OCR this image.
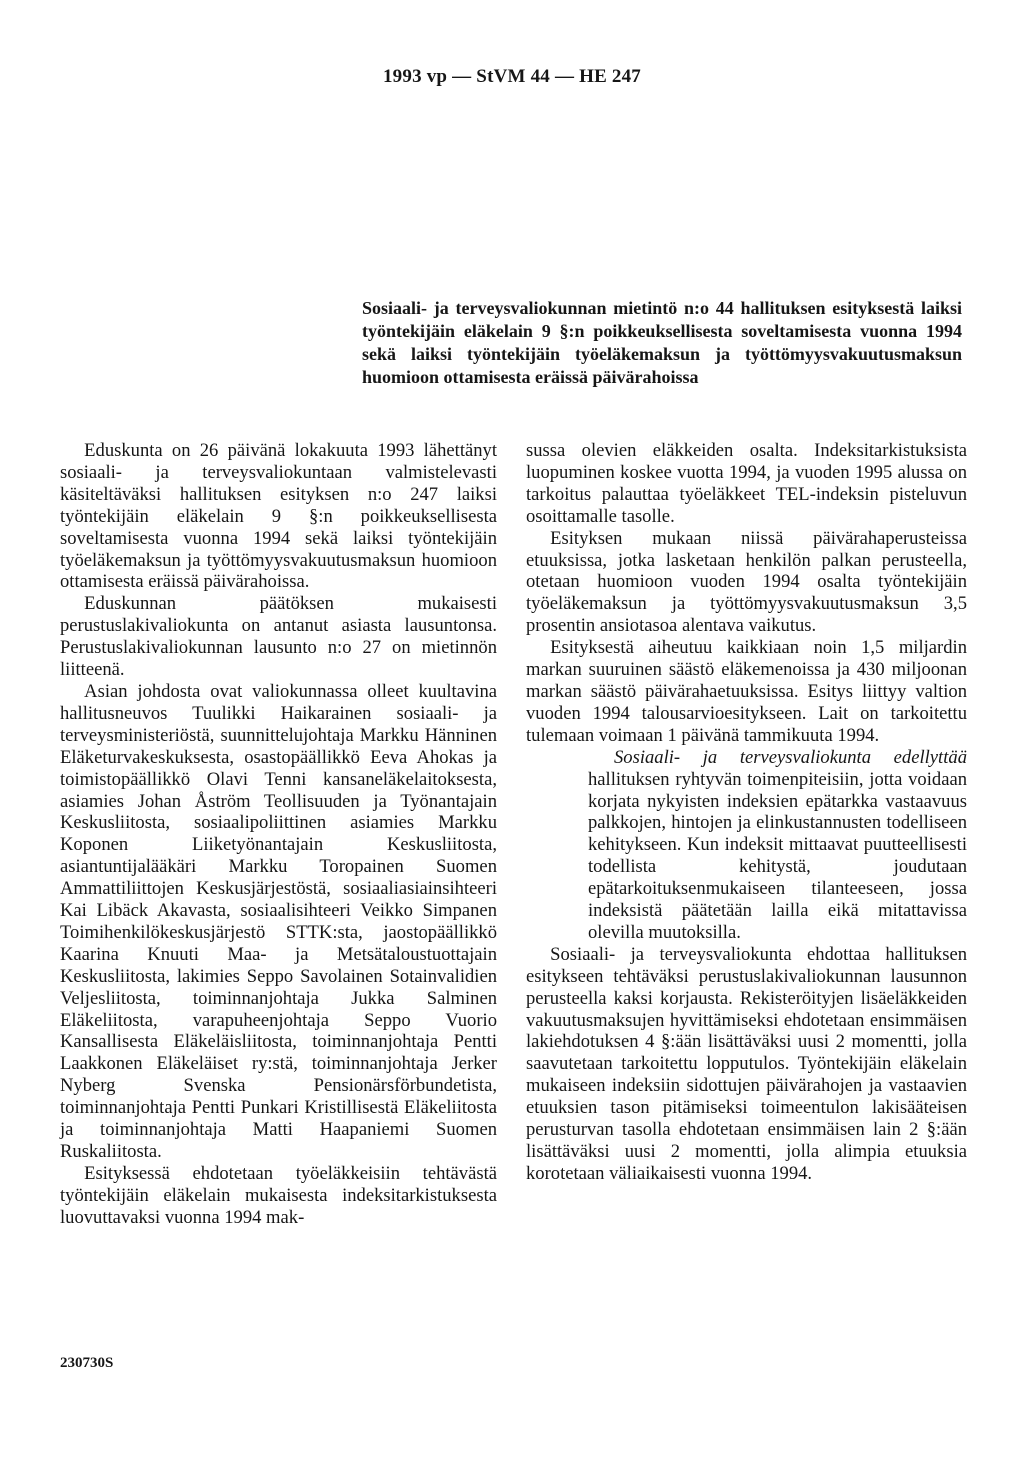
1993 vp — StVM 44 — HE 247
Sosiaali- ja terveysvaliokunnan mietintö n:o 44 hallituksen esityksestä laiksi työntekijäin eläkelain 9 §:n poikkeuksellisesta soveltamisesta vuonna 1994 sekä laiksi työntekijäin työeläkemaksun ja työttömyysvakuutusmaksun huomioon ottamisesta eräissä päivärahoissa

Eduskunta on 26 päivänä lokakuuta 1993 lähettänyt sosiaali- ja terveysvaliokuntaan valmistelevasti käsiteltäväksi hallituksen esityksen n:o 247 laiksi työntekijäin eläkelain 9 §:n poikkeuksellisesta soveltamisesta vuonna 1994 sekä laiksi työntekijäin työeläkemaksun ja työttömyysvakuutusmaksun huomioon ottamisesta eräissä päivärahoissa.

Eduskunnan päätöksen mukaisesti perustuslakivaliokunta on antanut asiasta lausuntonsa. Perustuslakivaliokunnan lausunto n:o 27 on mietinnön liitteenä.

Asian johdosta ovat valiokunnassa olleet kuultavina hallitusneuvos Tuulikki Haikarainen sosiaali- ja terveysministeriöstä, suunnittelujohtaja Markku Hänninen Eläketurvakeskuksesta, osastopäällikkö Eeva Ahokas ja toimistopäällikkö Olavi Tenni kansaneläkelaitoksesta, asiamies Johan Åström Teollisuuden ja Työnantajain Keskusliitosta, sosiaalipoliittinen asiamies Markku Koponen Liiketyönantajain Keskusliitosta, asiantuntijalääkäri Markku Toropainen Suomen Ammattiliittojen Keskusjärjestöstä, sosiaaliasiainsihteeri Kai Libäck Akavasta, sosiaalisihteeri Veikko Simpanen Toimihenkilökeskusjärjestö STTK:sta, jaostopäällikkö Kaarina Knuuti Maa- ja Metsätaloustuottajain Keskusliitosta, lakimies Seppo Savolainen Sotainvalidien Veljesliitosta, toiminnanjohtaja Jukka Salminen Eläkeliitosta, varapuheenjohtaja Seppo Vuorio Kansallisesta Eläkeläisliitosta, toiminnanjohtaja Pentti Laakkonen Eläkeläiset ry:stä, toiminnanjohtaja Jerker Nyberg Svenska Pensionärsförbundetista, toiminnanjohtaja Pentti Punkari Kristillisestä Eläkeliitosta ja toiminnanjohtaja Matti Haapaniemi Suomen Ruskaliitosta.

Esityksessä ehdotetaan työeläkkeisiin tehtävästä työntekijäin eläkelain mukaisesta indeksitarkistuksesta luovuttavaksi vuonna 1994 mak-

sussa olevien eläkkeiden osalta. Indeksitarkistuksista luopuminen koskee vuotta 1994, ja vuoden 1995 alussa on tarkoitus palauttaa työeläkkeet TEL-indeksin pisteluvun osoittamalle tasolle.

Esityksen mukaan niissä päivärahaperusteissa etuuksissa, jotka lasketaan henkilön palkan perusteella, otetaan huomioon vuoden 1994 osalta työntekijäin työeläkemaksun ja työttömyysvakuutusmaksun 3,5 prosentin ansiotasoa alentava vaikutus.

Esityksestä aiheutuu kaikkiaan noin 1,5 miljardin markan suuruinen säästö eläkemenoissa ja 430 miljoonan markan säästö päivärahaetuuksissa. Esitys liittyy valtion vuoden 1994 talousarvioesitykseen. Lait on tarkoitettu tulemaan voimaan 1 päivänä tammikuuta 1994.

Sosiaali- ja terveysvaliokunta edellyttää hallituksen ryhtyvän toimenpiteisiin, jotta voidaan korjata nykyisten indeksien epätarkka vastaavuus palkkojen, hintojen ja elinkustannusten todelliseen kehitykseen. Kun indeksit mittaavat puutteellisesti todellista kehitystä, joudutaan epätarkoituksenmukaiseen tilanteeseen, jossa indeksistä päätetään lailla eikä mitattavissa olevilla muutoksilla.

Sosiaali- ja terveysvaliokunta ehdottaa hallituksen esitykseen tehtäväksi perustuslakivaliokunnan lausunnon perusteella kaksi korjausta. Rekisteröityjen lisäeläkkeiden vakuutusmaksujen hyvittämiseksi ehdotetaan ensimmäisen lakiehdotuksen 4 §:ään lisättäväksi uusi 2 momentti, jolla saavutetaan tarkoitettu lopputulos. Työntekijäin eläkelain mukaiseen indeksiin sidottujen päivärahojen ja vastaavien etuuksien tason pitämiseksi toimeentulon lakisääteisen perusturvan tasolla ehdotetaan ensimmäisen lain 2 §:ään lisättäväksi uusi 2 momentti, jolla alimpia etuuksia korotetaan väliaikaisesti vuonna 1994.

230730S
